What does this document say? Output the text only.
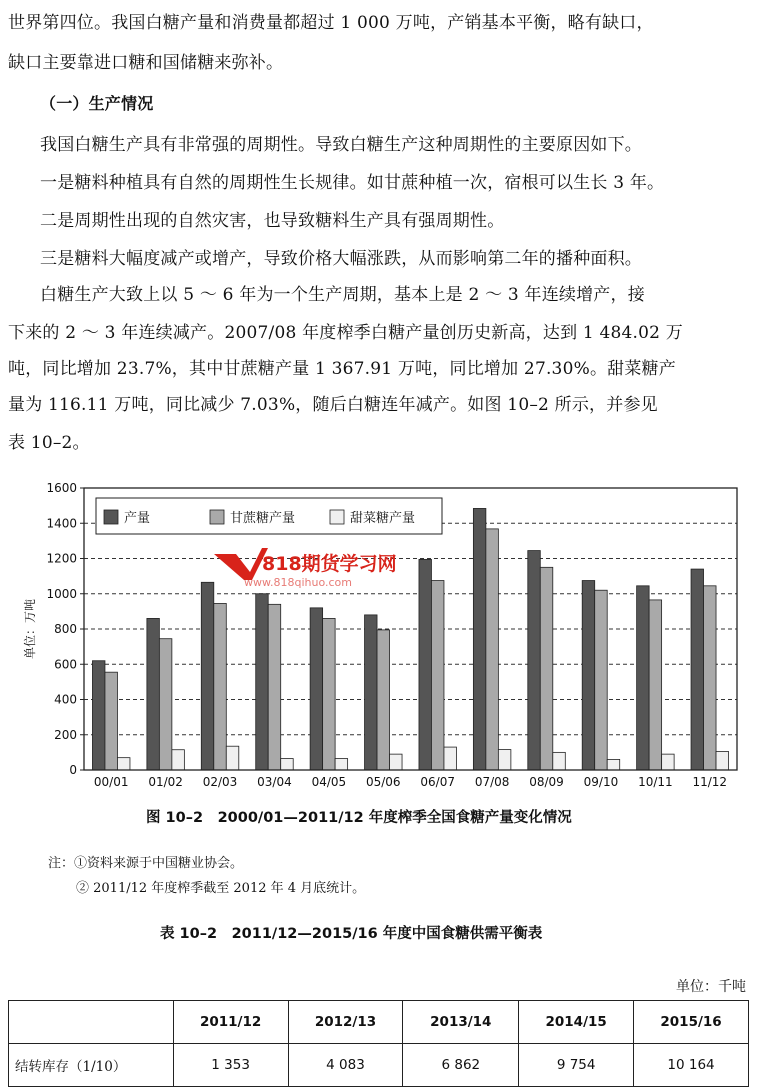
世界第四位。我国白糖产量和消费量都超过 1 000 万吨，产销基本平衡，略有缺口，
缺口主要靠进口糖和国储糖来弥补。
（一）生产情况
我国白糖生产具有非常强的周期性。导致白糖生产这种周期性的主要原因如下。
一是糖料种植具有自然的周期性生长规律。如甘蔗种植一次，宿根可以生长 3 年。
二是周期性出现的自然灾害，也导致糖料生产具有强周期性。
三是糖料大幅度减产或增产，导致价格大幅涨跌，从而影响第二年的播种面积。
白糖生产大致上以 5 ～ 6 年为一个生产周期，基本上是 2 ～ 3 年连续增产，接
下来的 2 ～ 3 年连续减产。2007/08 年度榨季白糖产量创历史新高，达到 1 484.02 万
吨，同比增加 23.7%，其中甘蔗糖产量 1 367.91 万吨，同比增加 27.30%。甜菜糖产
量为 116.11 万吨，同比减少 7.03%，随后白糖连年减产。如图 10–2 所示，并参见
表 10–2。
0
200
400
600
800
1000
1200
1400
1600
00/01 01/02 02/03 03/04 04/05 05/06 06/07 07/08 08/09 09/10 10/11 11/12
单位：万吨
产量	甘蔗糖产量	甜菜糖产量
818期货学习网
www.818qihuo.com
图 10–2　2000/01—2011/12 年度榨季全国食糖产量变化情况
注：①资料来源于中国糖业协会。
② 2011/12 年度榨季截至 2012 年 4 月底统计。
表 10–2　2011/12—2015/16 年度中国食糖供需平衡表
单位：千吨
	2011/12	2012/13	2013/14	2014/15	2015/16
结转库存（1/10）	1 353	4 083	6 862	9 754	10 164
